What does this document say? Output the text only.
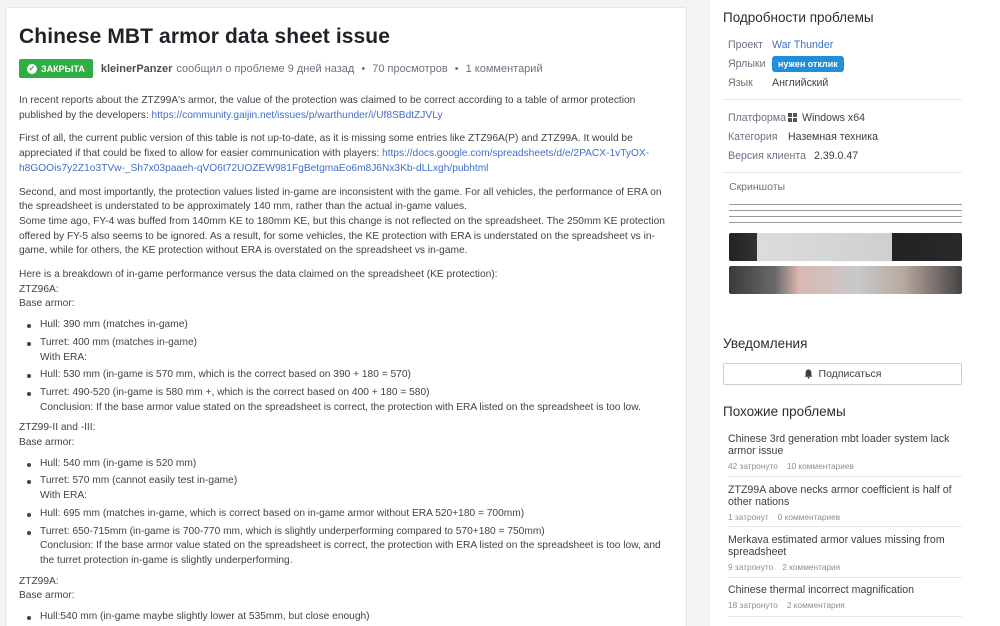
Chinese MBT armor data sheet issue
✓ ЗАКРЫТА kleinerPanzer сообщил о проблеме 9 дней назад • 70 просмотров • 1 комментарий

In recent reports about the ZTZ99A's armor, the value of the protection was claimed to be correct according to a table of armor protection published by the developers: https://community.gaijin.net/issues/p/warthunder/i/Uf8SBdtZJVLy

First of all, the current public version of this table is not up-to-date, as it is missing some entries like ZTZ96A(P) and ZTZ99A. It would be appreciated if that could be fixed to allow for easier communication with players: https://docs.google.com/spreadsheets/d/e/2PACX-1vTyOX-h8GOOis7y2Z1o3TVw-_Sh7x03paaeh-qVO6t72UOZEW981FgBetgmaEo6m8J6Nx3Kb-dLLxgh/pubhtml

Second, and most importantly, the protection values listed in-game are inconsistent with the game. For all vehicles, the performance of ERA on the spreadsheet is understated to be approximately 140 mm, rather than the actual in-game values.
Some time ago, FY-4 was buffed from 140mm KE to 180mm KE, but this change is not reflected on the spreadsheet. The 250mm KE protection offered by FY-5 also seems to be ignored. As a result, for some vehicles, the KE protection with ERA is understated on the spreadsheet vs in-game, while for others, the KE protection without ERA is overstated on the spreadsheet vs in-game.

Here is a breakdown of in-game performance versus the data claimed on the spreadsheet (KE protection):

ZTZ96A:

Base armor:

Hull: 390 mm (matches in-game)
Turret: 400 mm (matches in-game)
With ERA:
Hull: 530 mm (in-game is 570 mm, which is the correct based on 390 + 180 = 570)
Turret: 490-520 (in-game is 580 mm +, which is the correct based on 400 + 180 = 580)
Conclusion: If the base armor value stated on the spreadsheet is correct, the protection with ERA listed on the spreadsheet is too low.

ZTZ99-II and -III:

Base armor:

Hull: 540 mm (in-game is 520 mm)
Turret: 570 mm (cannot easily test in-game)
With ERA:
Hull: 695 mm (matches in-game, which is correct based on in-game armor without ERA 520+180 = 700mm)
Turret: 650-715mm (in-game is 700-770 mm, which is slightly underperforming compared to 570+180 = 750mm)
Conclusion: If the base armor value stated on the spreadsheet is correct, the protection with ERA listed on the spreadsheet is too low, and the turret protection in-game is slightly underperforming.

ZTZ99A:

Base armor:

Hull:540 mm (in-game maybe slightly lower at 535mm, but close enough)
Подробности проблемы
Проект War Thunder
Ярлыки	нужен отклик
Язык	Английский
Платформа Windows x64
Категория Наземная техника
Версия клиента 2.39.0.47
Скриншоты
Уведомления
Подписаться
Похожие проблемы
Chinese 3rd generation mbt loader system lack armor issue
42 затронуто 10 комментариев
ZTZ99A above necks armor coefficient is half of other nations
1 затронут 0 комментариев
Merkava estimated armor values missing from spreadsheet
9 затронуто 2 комментария
Chinese thermal incorrect magnification
18 затронуто 2 комментария
